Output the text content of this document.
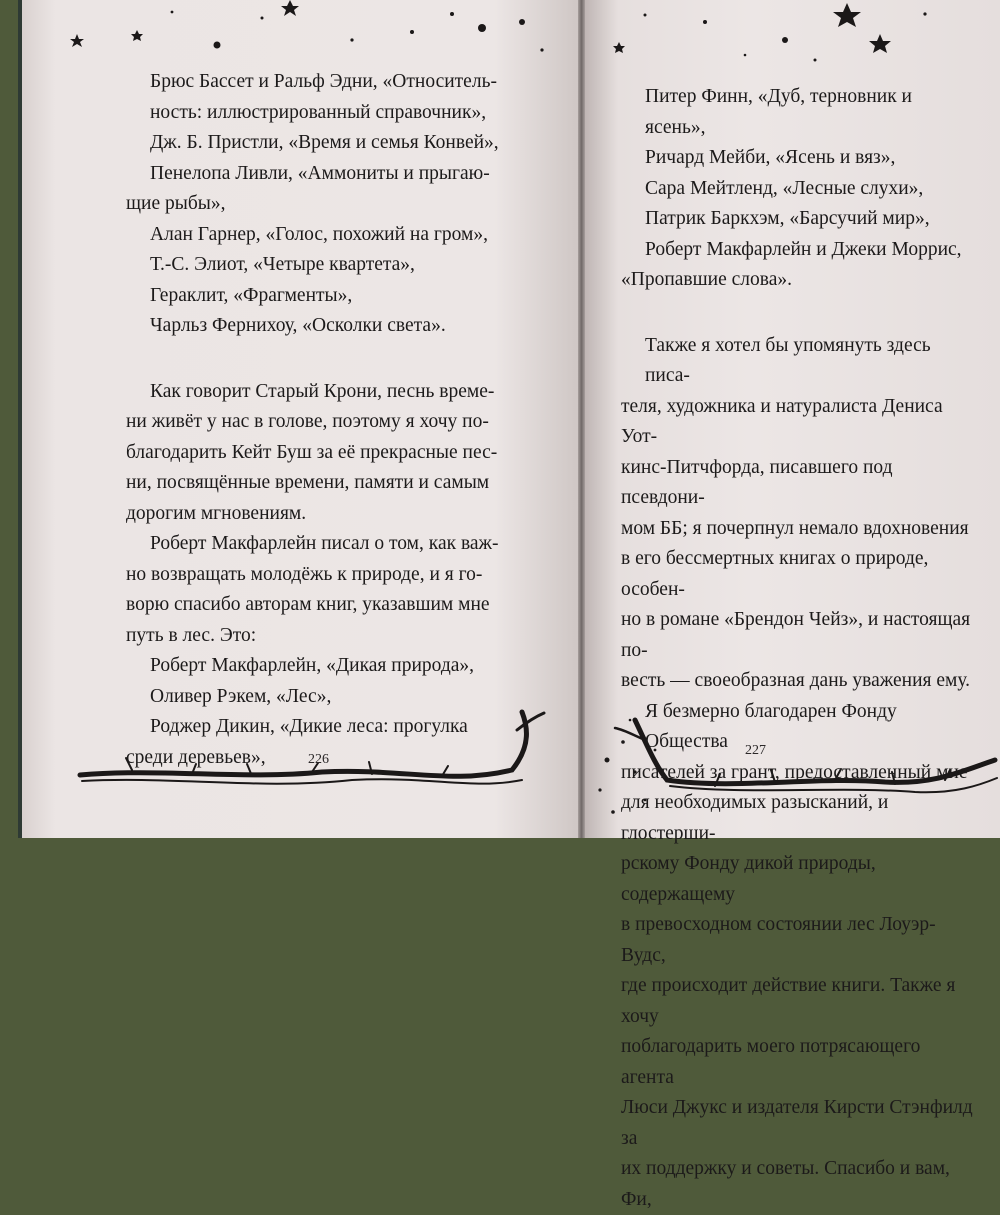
Брюс Бассет и Ральф Эдни, «Относитель-

ность: иллюстрированный справочник»,

Дж. Б. Пристли, «Время и семья Конвей»,

Пенелопа Ливли, «Аммониты и прыгаю-

щие рыбы»,

Алан Гарнер, «Голос, похожий на гром»,

Т.-С. Элиот, «Четыре квартета»,

Гераклит, «Фрагменты»,

Чарльз Фернихоу, «Осколки света».

Как говорит Старый Крони, песнь време-

ни живёт у нас в голове, поэтому я хочу по-

благодарить Кейт Буш за её прекрасные пес-

ни, посвящённые времени, памяти и самым

дорогим мгновениям.

Роберт Макфарлейн писал о том, как важ-

но возвращать молодёжь к природе, и я го-

ворю спасибо авторам книг, указавшим мне

путь в лес. Это:

Роберт Макфарлейн, «Дикая природа»,

Оливер Рэкем, «Лес»,

Роджер Дикин, «Дикие леса: прогулка

среди деревьев»,	226

Питер Финн, «Дуб, терновник и ясень»,

Ричард Мейби, «Ясень и вяз»,

Сара Мейтленд, «Лесные слухи»,

Патрик Баркхэм, «Барсучий мир»,

Роберт Макфарлейн и Джеки Моррис,

«Пропавшие слова».

Также я хотел бы упомянуть здесь писа-

теля, художника и натуралиста Дениса Уот-

кинс-Питчфорда, писавшего под псевдони-

мом ББ; я почерпнул немало вдохновения

в его бессмертных книгах о природе, особен-

но в романе «Брендон Чейз», и настоящая по-

весть — своеобразная дань уважения ему.

Я безмерно благодарен Фонду Общества

писателей за грант, предоставленный мне

для необходимых разысканий, и глостерши-

рскому Фонду дикой природы, содержащему

в превосходном состоянии лес Лоуэр-Вудс,

где происходит действие книги. Также я хочу

поблагодарить моего потрясающего агента

Люси Джукс и издателя Кирсти Стэнфилд за

их поддержку и советы. Спасибо и вам, Фи,

227
